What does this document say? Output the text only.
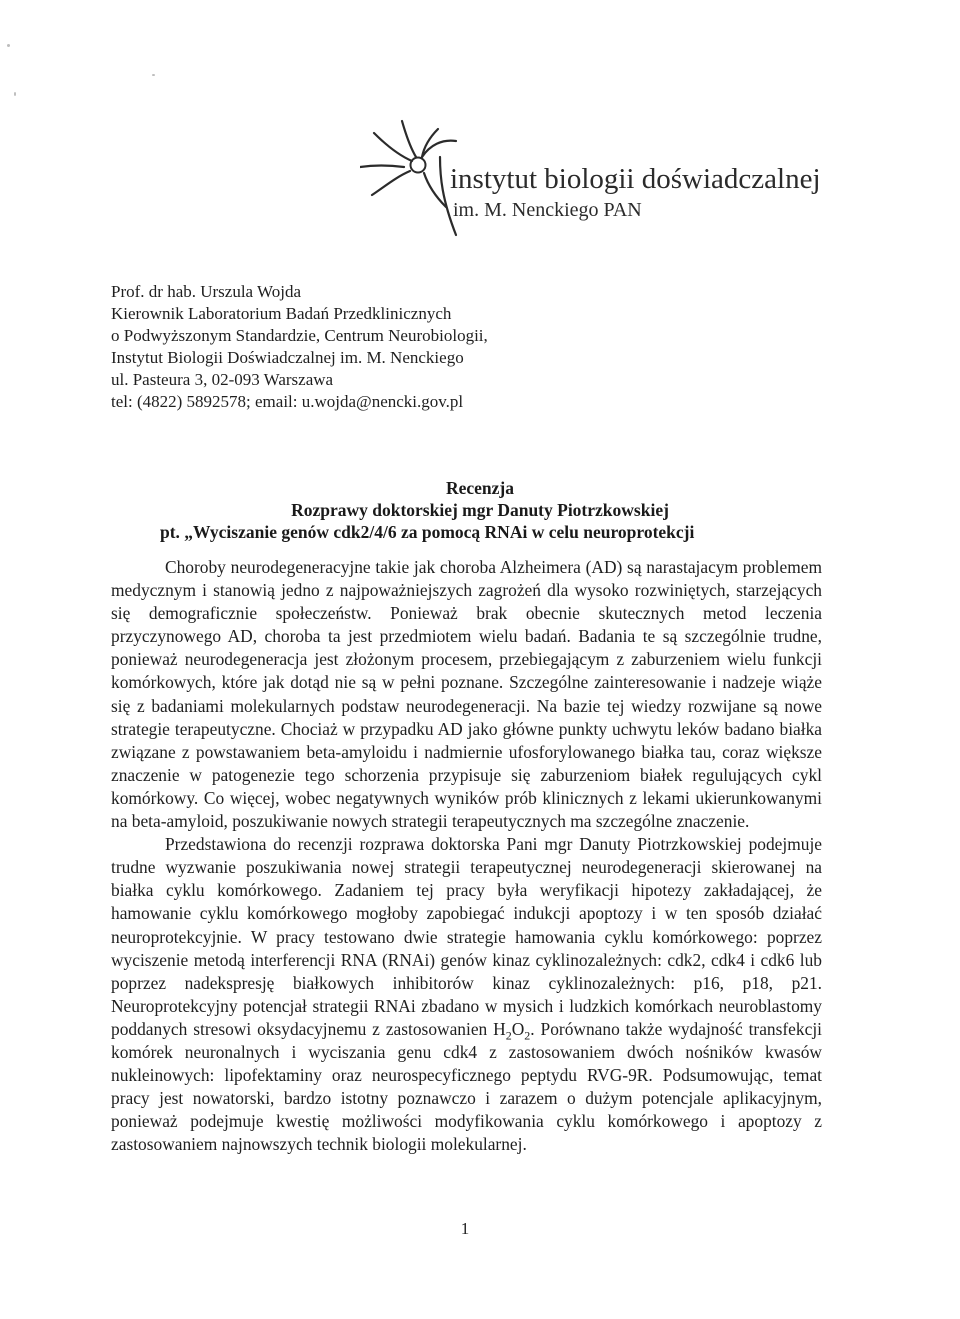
instytut biologii doświadczalnej
im. M. Nenckiego PAN
Prof. dr hab. Urszula Wojda
Kierownik Laboratorium Badań Przedklinicznych
o Podwyższonym Standardzie, Centrum Neurobiologii,
Instytut Biologii Doświadczalnej im. M. Nenckiego
ul. Pasteura 3, 02-093 Warszawa
tel: (4822) 5892578; email: u.wojda@nencki.gov.pl
Recenzja
Rozprawy doktorskiej mgr Danuty Piotrzkowskiej
pt. „Wyciszanie genów cdk2/4/6 za pomocą RNAi w celu neuroprotekcji

Choroby neurodegeneracyjne takie jak choroba Alzheimera (AD) są narastajacym problemem medycznym i stanowią jedno z najpoważniejszych zagrożeń dla wysoko rozwiniętych, starzejących się demograficznie społeczeństw. Ponieważ brak obecnie skutecznych metod leczenia przyczynowego AD, choroba ta jest przedmiotem wielu badań. Badania te są szczególnie trudne, ponieważ neurodegeneracja jest złożonym procesem, przebiegającym z zaburzeniem wielu funkcji komórkowych, które jak dotąd nie są w pełni poznane. Szczególne zainteresowanie i nadzeje wiąże się z badaniami molekularnych podstaw neurodegeneracji. Na bazie tej wiedzy rozwijane są nowe strategie terapeutyczne. Chociaż w przypadku AD jako główne punkty uchwytu leków badano białka związane z powstawaniem beta-amyloidu i nadmiernie ufosforylowanego białka tau, coraz większe znaczenie w patogenezie tego schorzenia przypisuje się zaburzeniom białek regulujących cykl komórkowy. Co więcej, wobec negatywnych wyników prób klinicznych z lekami ukierunkowanymi na beta-amyloid, poszukiwanie nowych strategii terapeutycznych ma szczególne znaczenie.

Przedstawiona do recenzji rozprawa doktorska Pani mgr Danuty Piotrzkowskiej podejmuje trudne wyzwanie poszukiwania nowej strategii terapeutycznej neurodegeneracji skierowanej na białka cyklu komórkowego. Zadaniem tej pracy była weryfikacji hipotezy zakładającej, że hamowanie cyklu komórkowego mogłoby zapobiegać indukcji apoptozy i w ten sposób działać neuroprotekcyjnie. W pracy testowano dwie strategie hamowania cyklu komórkowego: poprzez wyciszenie metodą interferencji RNA (RNAi) genów kinaz cyklinozależnych: cdk2, cdk4 i cdk6 lub poprzez nadekspresję białkowych inhibitorów kinaz cyklinozależnych: p16, p18, p21. Neuroprotekcyjny potencjał strategii RNAi zbadano w mysich i ludzkich komórkach neuroblastomy poddanych stresowi oksydacyjnemu z zastosowanien $H_2O_2$. Porównano także wydajność transfekcji komórek neuronalnych i wyciszania genu cdk4 z zastosowaniem dwóch nośników kwasów nukleinowych: lipofektaminy oraz neurospecyficznego peptydu RVG-9R. Podsumowując, temat pracy jest nowatorski, bardzo istotny poznawczo i zarazem o dużym potencjale aplikacyjnym, ponieważ podejmuje kwestię możliwości modyfikowania cyklu komórkowego i apoptozy z zastosowaniem najnowszych technik biologii molekularnej.

1
